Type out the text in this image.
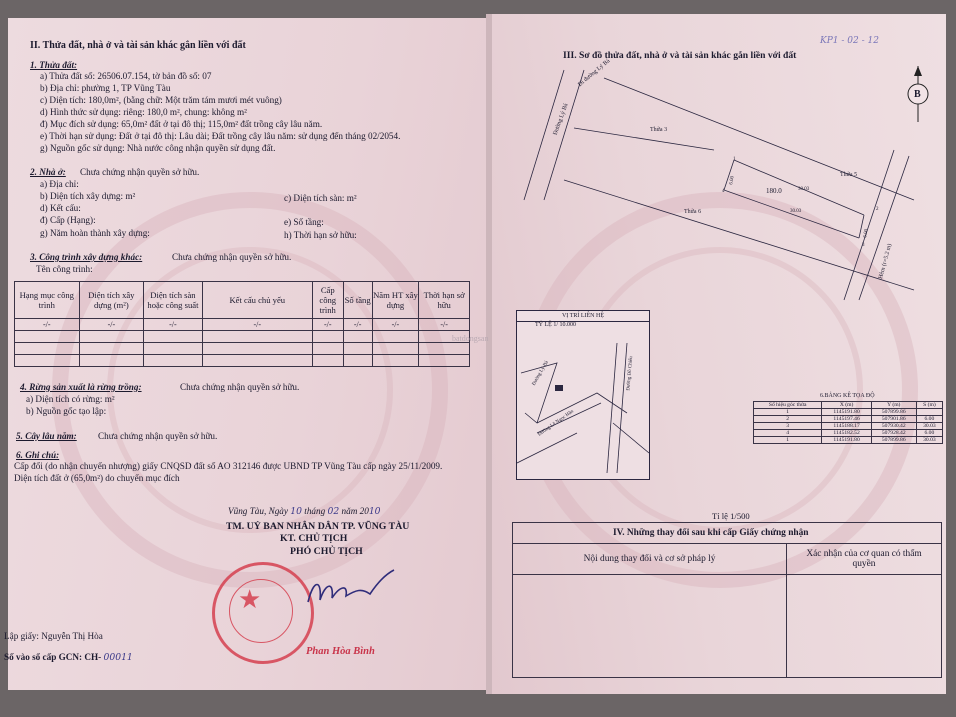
II. Thửa đất, nhà ở và tài sản khác gắn liền với đất
1. Thửa đất:
a) Thửa đất số: 26506.07.154, tờ bản đồ số: 07
b) Địa chỉ: phường 1, TP Vũng Tàu
c) Diện tích: 180,0m², (bằng chữ: Một trăm tám mươi mét vuông)
d) Hình thức sử dụng: riêng: 180,0 m², chung: không m²
đ) Mục đích sử dụng: 65,0m² đất ở tại đô thị; 115,0m² đất trồng cây lâu năm.
e) Thời hạn sử dụng: Đất ở tại đô thị: Lâu dài; Đất trồng cây lâu năm: sử dụng đến tháng 02/2054.
g) Nguồn gốc sử dụng: Nhà nước công nhận quyền sử dụng đất.
2. Nhà ở: Chưa chứng nhận quyền sở hữu.
a) Địa chỉ:
b) Diện tích xây dựng: m²	c) Diện tích sàn: m²
d) Kết cấu:
đ) Cấp (Hạng):	e) Số tầng:
g) Năm hoàn thành xây dựng:	h) Thời hạn sở hữu:
3. Công trình xây dựng khác:	Chưa chứng nhận quyền sở hữu.
Tên công trình:
Hạng mục công trình	Diện tích xây dựng (m²)	Diện tích sàn hoặc công suất	Kết cấu chủ yếu	Cấp công trình	Số tầng	Năm HT xây dựng	Thời hạn sở hữu
-/-	-/-	-/-	-/-	-/-	-/-	-/-	-/-

4. Rừng sản xuất là rừng trồng:	Chưa chứng nhận quyền sở hữu.
a) Diện tích có rừng: m²
b) Nguồn gốc tạo lập:
5. Cây lâu năm: Chưa chứng nhận quyền sở hữu.
6. Ghi chú:
Cấp đổi (do nhận chuyển nhượng) giấy CNQSD đất số AO 312146 được UBND TP Vũng Tàu cấp ngày 25/11/2009.
Diện tích đất ở (65,0m²) do chuyển mục đích
Vũng Tàu, Ngày 10 tháng 02 năm 2010
TM. UỶ BAN NHÂN DÂN TP. VŨNG TÀU
KT. CHỦ TỊCH
PHÓ CHỦ TỊCH
★
Phan Hòa Bình
Lập giấy: Nguyễn Thị Hòa
Số vào sổ cấp GCN: CH- 00011
KP1 - 02 - 12
III. Sơ đồ thửa đất, nhà ở và tài sản khác gắn liền với đất
B
Đường Lý Bá
Đi đường Lý Bá
Thửa 3
Thửa 5
Thửa 6
Hẻm (r=5.2 m)
180.0
6.00
30.03
30.03
6.00
1
2
3
4
VỊ TRÍ LIÊN HỆ
TỶ LỆ 1/ 10.000
Đường Lý Bá
Đường Lê Ngọc Hân
Đường Đồ Chiểu
6.BẢNG KÊ TỌA ĐỘ
Số hiệu góc thửa	X (m)	Y (m)	S (m)
1	1145191.80	507899.86	
2	1145197.46	507901.86	6.00
3	1145188.17	507930.42	30.03
4	1145182.52	507928.42	6.00
1	1145191.80	507899.86	30.03
Tỉ lệ 1/500
IV. Những thay đổi sau khi cấp Giấy chứng nhận	
Nội dung thay đổi và cơ sở pháp lý	Xác nhận của cơ quan có thẩm quyền

batdongsan
